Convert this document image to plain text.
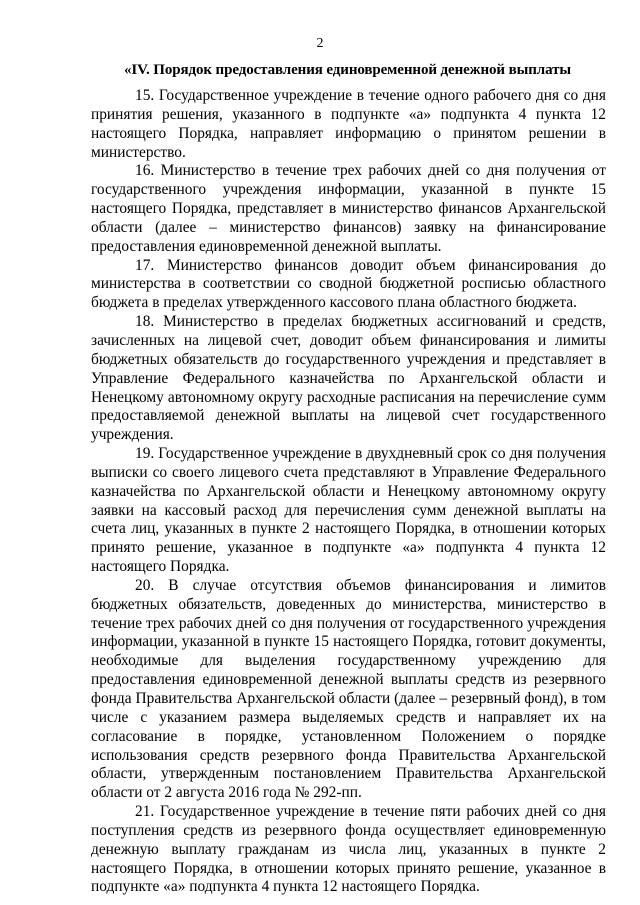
2
«IV. Порядок предоставления единовременной денежной выплаты

15. Государственное учреждение в течение одного рабочего дня со дня принятия решения, указанного в подпункте «а» подпункта 4 пункта 12 настоящего Порядка, направляет информацию о принятом решении в министерство.

16. Министерство в течение трех рабочих дней со дня получения от государственного учреждения информации, указанной в пункте 15 настоящего Порядка, представляет в министерство финансов Архангельской области (далее – министерство финансов) заявку на финансирование предоставления единовременной денежной выплаты.

17. Министерство финансов доводит объем финансирования до министерства в соответствии со сводной бюджетной росписью областного бюджета в пределах утвержденного кассового плана областного бюджета.

18. Министерство в пределах бюджетных ассигнований и средств, зачисленных на лицевой счет, доводит объем финансирования и лимиты бюджетных обязательств до государственного учреждения и представляет в Управление Федерального казначейства по Архангельской области и Ненецкому автономному округу расходные расписания на перечисление сумм предоставляемой денежной выплаты на лицевой счет государственного учреждения.

19. Государственное учреждение в двухдневный срок со дня получения выписки со своего лицевого счета представляют в Управление Федерального казначейства по Архангельской области и Ненецкому автономному округу заявки на кассовый расход для перечисления сумм денежной выплаты на счета лиц, указанных в пункте 2 настоящего Порядка, в отношении которых принято решение, указанное в подпункте «а» подпункта 4 пункта 12 настоящего Порядка.

20. В случае отсутствия объемов финансирования и лимитов бюджетных обязательств, доведенных до министерства, министерство в течение трех рабочих дней со дня получения от государственного учреждения информации, указанной в пункте 15 настоящего Порядка, готовит документы, необходимые для выделения государственному учреждению для предоставления единовременной денежной выплаты средств из резервного фонда Правительства Архангельской области (далее – резервный фонд), в том числе с указанием размера выделяемых средств и направляет их на согласование в порядке, установленном Положением о порядке использования средств резервного фонда Правительства Архангельской области, утвержденным постановлением Правительства Архангельской области от 2 августа 2016 года № 292-пп.

21. Государственное учреждение в течение пяти рабочих дней со дня поступления средств из резервного фонда осуществляет единовременную денежную выплату гражданам из числа лиц, указанных в пункте 2 настоящего Порядка, в отношении которых принято решение, указанное в подпункте «а» подпункта 4 пункта 12 настоящего Порядка.
